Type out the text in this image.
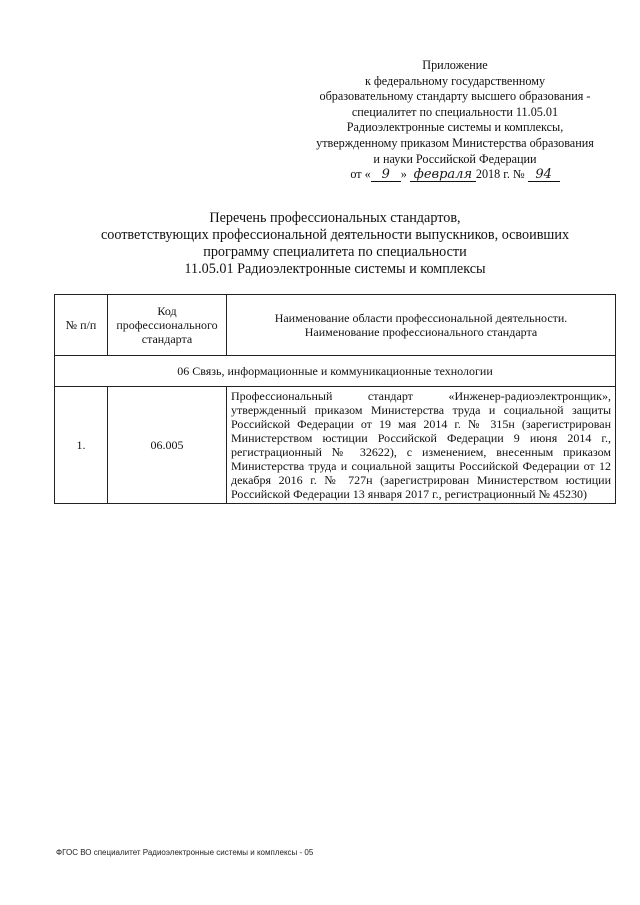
Приложение
к федеральному государственному
образовательному стандарту высшего образования -
специалитет по специальности 11.05.01
Радиоэлектронные системы и комплексы,
утвержденному приказом Министерства образования
и науки Российской Федерации
от « 9 » февраля 2018 г. № 94
Перечень профессиональных стандартов,
соответствующих профессиональной деятельности выпускников, освоивших
программу специалитета по специальности
11.05.01 Радиоэлектронные системы и комплексы
№ п/п	Код профессионального стандарта	Наименование области профессиональной деятельности.
Наименование профессионального стандарта
06 Связь, информационные и коммуникационные технологии		
1.	06.005	Профессиональный стандарт «Инженер-радиоэлектронщик», утвержденный приказом Министерства труда и социальной защиты Российской Федерации от 19 мая 2014 г. № 315н (зарегистрирован Министерством юстиции Российской Федерации 9 июня 2014 г., регистрационный № 32622), с изменением, внесенным приказом Министерства труда и социальной защиты Российской Федерации от 12 декабря 2016 г. № 727н (зарегистрирован Министерством юстиции Российской Федерации 13 января 2017 г., регистрационный № 45230)
ФГОС ВО специалитет Радиоэлектронные системы и комплексы - 05
